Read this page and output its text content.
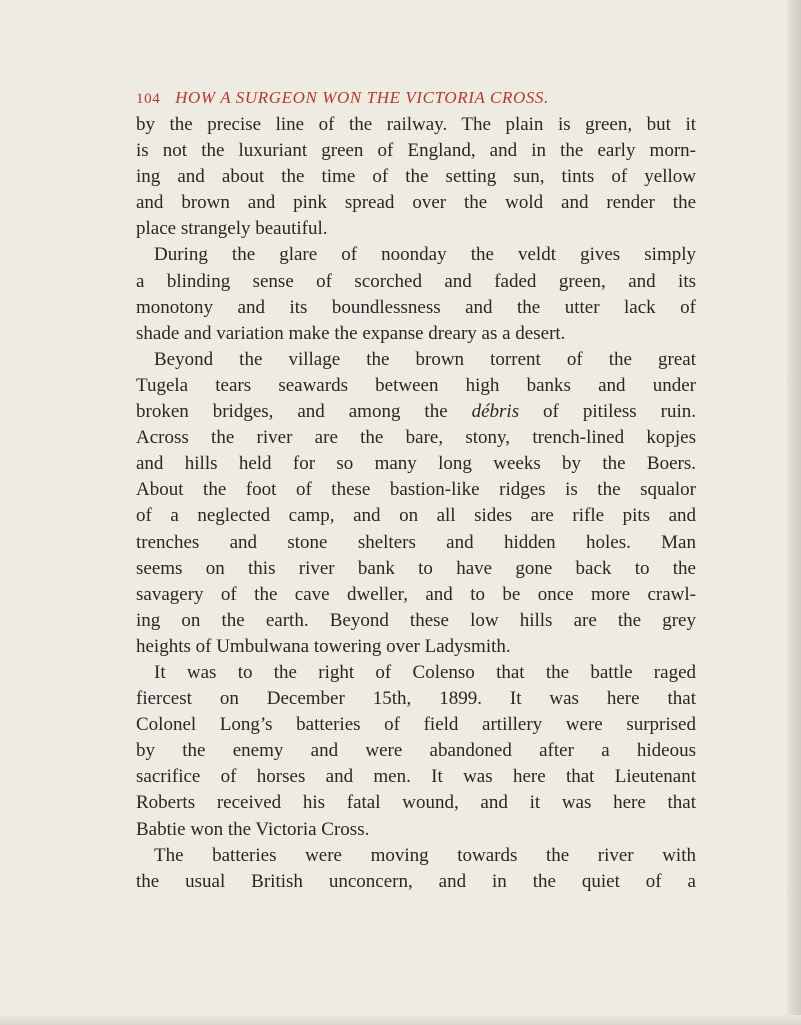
104 HOW A SURGEON WON THE VICTORIA CROSS.
by the precise line of the railway. The plain is green, but it
is not the luxuriant green of England, and in the early morn-
ing and about the time of the setting sun, tints of yellow
and brown and pink spread over the wold and render the
place strangely beautiful.
During the glare of noonday the veldt gives simply
a blinding sense of scorched and faded green, and its
monotony and its boundlessness and the utter lack of
shade and variation make the expanse dreary as a desert.
Beyond the village the brown torrent of the great
Tugela tears seawards between high banks and under
broken bridges, and among the débris of pitiless ruin.
Across the river are the bare, stony, trench-lined kopjes
and hills held for so many long weeks by the Boers.
About the foot of these bastion-like ridges is the squalor
of a neglected camp, and on all sides are rifle pits and
trenches and stone shelters and hidden holes. Man
seems on this river bank to have gone back to the
savagery of the cave dweller, and to be once more crawl-
ing on the earth. Beyond these low hills are the grey
heights of Umbulwana towering over Ladysmith.
It was to the right of Colenso that the battle raged
fiercest on December 15th, 1899. It was here that
Colonel Long’s batteries of field artillery were surprised
by the enemy and were abandoned after a hideous
sacrifice of horses and men. It was here that Lieutenant
Roberts received his fatal wound, and it was here that
Babtie won the Victoria Cross.
The batteries were moving towards the river with
the usual British unconcern, and in the quiet of a
